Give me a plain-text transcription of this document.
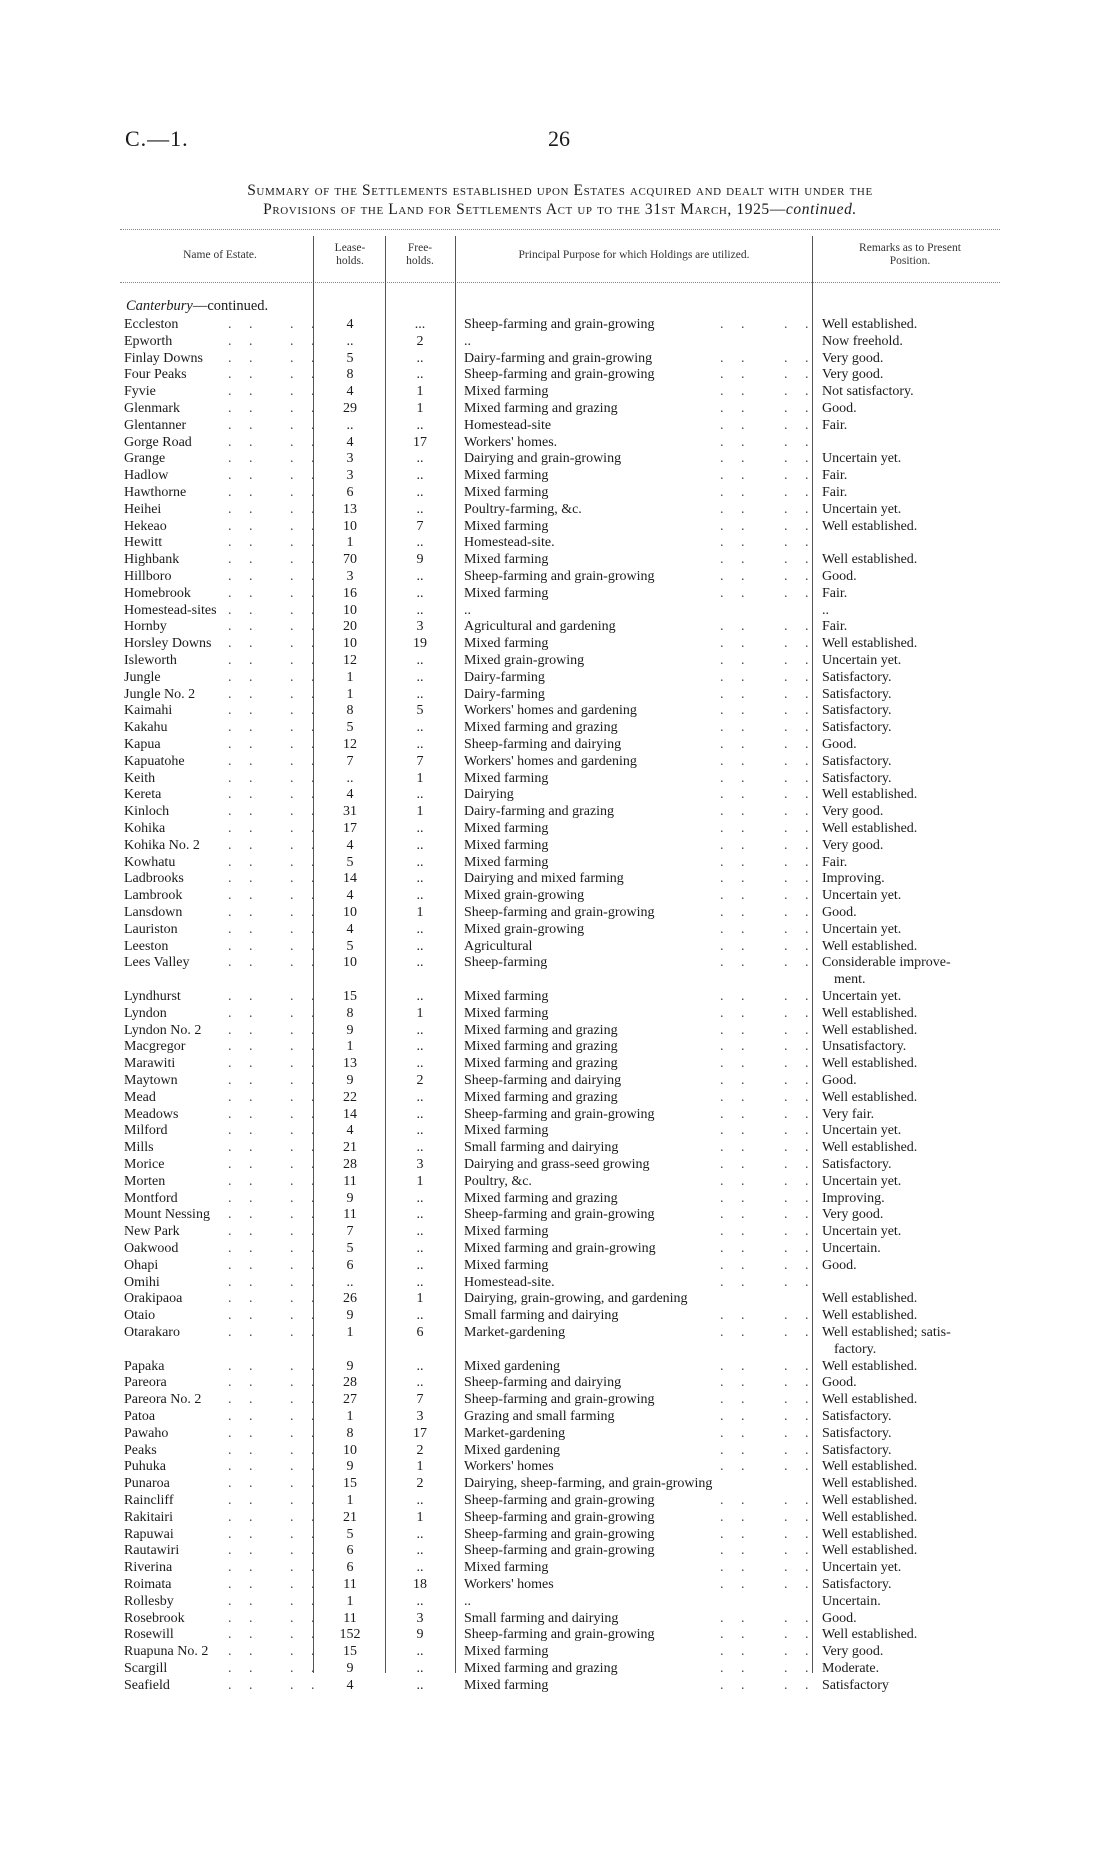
C.—1.	26
Summary of the Settlements established upon Estates acquired and dealt with under the
Provisions of the Land for Settlements Act up to the 31st March, 1925—continued.
Name of Estate.
Lease-
holds.
Free-
holds.	Principal Purpose for which Holdings are utilized.
Remarks as to Present
Position.
Canterbury—continued.
Eccleston	4	...	Sheep-farming and grain-growing	Well established.
. . . .	. . . .
Epworth	..	2	..	Now freehold.
. . . .
Finlay Downs	5	..	Dairy-farming and grain-growing	Very good.
. . . .	. . . .
Four Peaks	8	..	Sheep-farming and grain-growing	Very good.
. . . .	. . . .
Fyvie	4	1	Mixed farming	Not satisfactory.
. . . .	. . . .
Glenmark	29	1	Mixed farming and grazing	Good.
. . . .	. . . .
Glentanner	..	..	Homestead-site	Fair.
. . . .	. . . .
Gorge Road	4	17	Workers' homes.
. . . .	. . . .
Grange	3	..	Dairying and grain-growing	Uncertain yet.
. . . .	. . . .
Hadlow	3	..	Mixed farming	Fair.
. . . .	. . . .
Hawthorne	6	..	Mixed farming	Fair.
. . . .	. . . .
Heihei	13	..	Poultry-farming, &c.	Uncertain yet.
. . . .	. . . .
Hekeao	10	7	Mixed farming	Well established.
. . . .	. . . .
Hewitt	1	..	Homestead-site.
. . . .	. . . .
Highbank	70	9	Mixed farming	Well established.
. . . .	. . . .
Hillboro	3	..	Sheep-farming and grain-growing	Good.
. . . .	. . . .
Homebrook	16	..	Mixed farming	Fair.
. . . .	. . . .
Homestead-sites	10	..	..	..
. . . .
Hornby	20	3	Agricultural and gardening	Fair.
. . . .	. . . .
Horsley Downs	10	19	Mixed farming	Well established.
. . . .	. . . .
Isleworth	12	..	Mixed grain-growing	Uncertain yet.
. . . .	. . . .
Jungle	1	..	Dairy-farming	Satisfactory.
. . . .	. . . .
Jungle No. 2	1	..	Dairy-farming	Satisfactory.
. . . .	. . . .
Kaimahi	8	5	Workers' homes and gardening	Satisfactory.
. . . .	. . . .
Kakahu	5	..	Mixed farming and grazing	Satisfactory.
. . . .	. . . .
Kapua	12	..	Sheep-farming and dairying	Good.
. . . .	. . . .
Kapuatohe	7	7	Workers' homes and gardening	Satisfactory.
. . . .	. . . .
Keith	..	1	Mixed farming	Satisfactory.
. . . .	. . . .
Kereta	4	..	Dairying	Well established.
. . . .	. . . .
Kinloch	31	1	Dairy-farming and grazing	Very good.
. . . .	. . . .
Kohika	17	..	Mixed farming	Well established.
. . . .	. . . .
Kohika No. 2	4	..	Mixed farming	Very good.
. . . .	. . . .
Kowhatu	5	..	Mixed farming	Fair.
. . . .	. . . .
Ladbrooks	14	..	Dairying and mixed farming	Improving.
. . . .	. . . .
Lambrook	4	..	Mixed grain-growing	Uncertain yet.
. . . .	. . . .
Lansdown	10	1	Sheep-farming and grain-growing	Good.
. . . .	. . . .
Lauriston	4	..	Mixed grain-growing	Uncertain yet.
. . . .	. . . .
Leeston	5	..	Agricultural	Well established.
. . . .	. . . .
Lees Valley	10	..	Sheep-farming	Considerable improve-
. . . .	. . . .
ment.
Lyndhurst	15	..	Mixed farming	Uncertain yet.
. . . .	. . . .
Lyndon	8	1	Mixed farming	Well established.
. . . .	. . . .
Lyndon No. 2	9	..	Mixed farming and grazing	Well established.
. . . .	. . . .
Macgregor	1	..	Mixed farming and grazing	Unsatisfactory.
. . . .	. . . .
Marawiti	13	..	Mixed farming and grazing	Well established.
. . . .	. . . .
Maytown	9	2	Sheep-farming and dairying	Good.
. . . .	. . . .
Mead	22	..	Mixed farming and grazing	Well established.
. . . .	. . . .
Meadows	14	..	Sheep-farming and grain-growing	Very fair.
. . . .	. . . .
Milford	4	..	Mixed farming	Uncertain yet.
. . . .	. . . .
Mills	21	..	Small farming and dairying	Well established.
. . . .	. . . .
Morice	28	3	Dairying and grass-seed growing	Satisfactory.
. . . .	. . . .
Morten	11	1	Poultry, &c.	Uncertain yet.
. . . .	. . . .
Montford	9	..	Mixed farming and grazing	Improving.
. . . .	. . . .
Mount Nessing	11	..	Sheep-farming and grain-growing	Very good.
. . . .	. . . .
New Park	7	..	Mixed farming	Uncertain yet.
. . . .	. . . .
Oakwood	5	..	Mixed farming and grain-growing	Uncertain.
. . . .	. . . .
Ohapi	6	..	Mixed farming	Good.
. . . .	. . . .
Omihi	..	..	Homestead-site.
. . . .	. . . .
Orakipaoa	26	1	Dairying, grain-growing, and gardening	Well established.
. . . .
Otaio	9	..	Small farming and dairying	Well established.
. . . .	. . . .
Otarakaro	1	6	Market-gardening	Well established; satis-
. . . .	. . . .
factory.
Papaka	9	..	Mixed gardening	Well established.
. . . .	. . . .
Pareora	28	..	Sheep-farming and dairying	Good.
. . . .	. . . .
Pareora No. 2	27	7	Sheep-farming and grain-growing	Well established.
. . . .	. . . .
Patoa	1	3	Grazing and small farming	Satisfactory.
. . . .	. . . .
Pawaho	8	17	Market-gardening	Satisfactory.
. . . .	. . . .
Peaks	10	2	Mixed gardening	Satisfactory.
. . . .	. . . .
Puhuka	9	1	Workers' homes	Well established.
. . . .	. . . .
Punaroa	15	2	Dairying, sheep-farming, and grain-growing	Well established.
. . . .
Raincliff	1	..	Sheep-farming and grain-growing	Well established.
. . . .	. . . .
Rakitairi	21	1	Sheep-farming and grain-growing	Well established.
. . . .	. . . .
Rapuwai	5	..	Sheep-farming and grain-growing	Well established.
. . . .	. . . .
Rautawiri	6	..	Sheep-farming and grain-growing	Well established.
. . . .	. . . .
Riverina	6	..	Mixed farming	Uncertain yet.
. . . .	. . . .
Roimata	11	18	Workers' homes	Satisfactory.
. . . .	. . . .
Rollesby	1	..	..	Uncertain.
. . . .
Rosebrook	11	3	Small farming and dairying	Good.
. . . .	. . . .
Rosewill	152	9	Sheep-farming and grain-growing	Well established.
. . . .	. . . .
Ruapuna No. 2	15	..	Mixed farming	Very good.
. . . .	. . . .
Scargill	9	..	Mixed farming and grazing	Moderate.
. . . .	. . . .
Seafield	4	..	Mixed farming	Satisfactory
. . . .	. . . .
